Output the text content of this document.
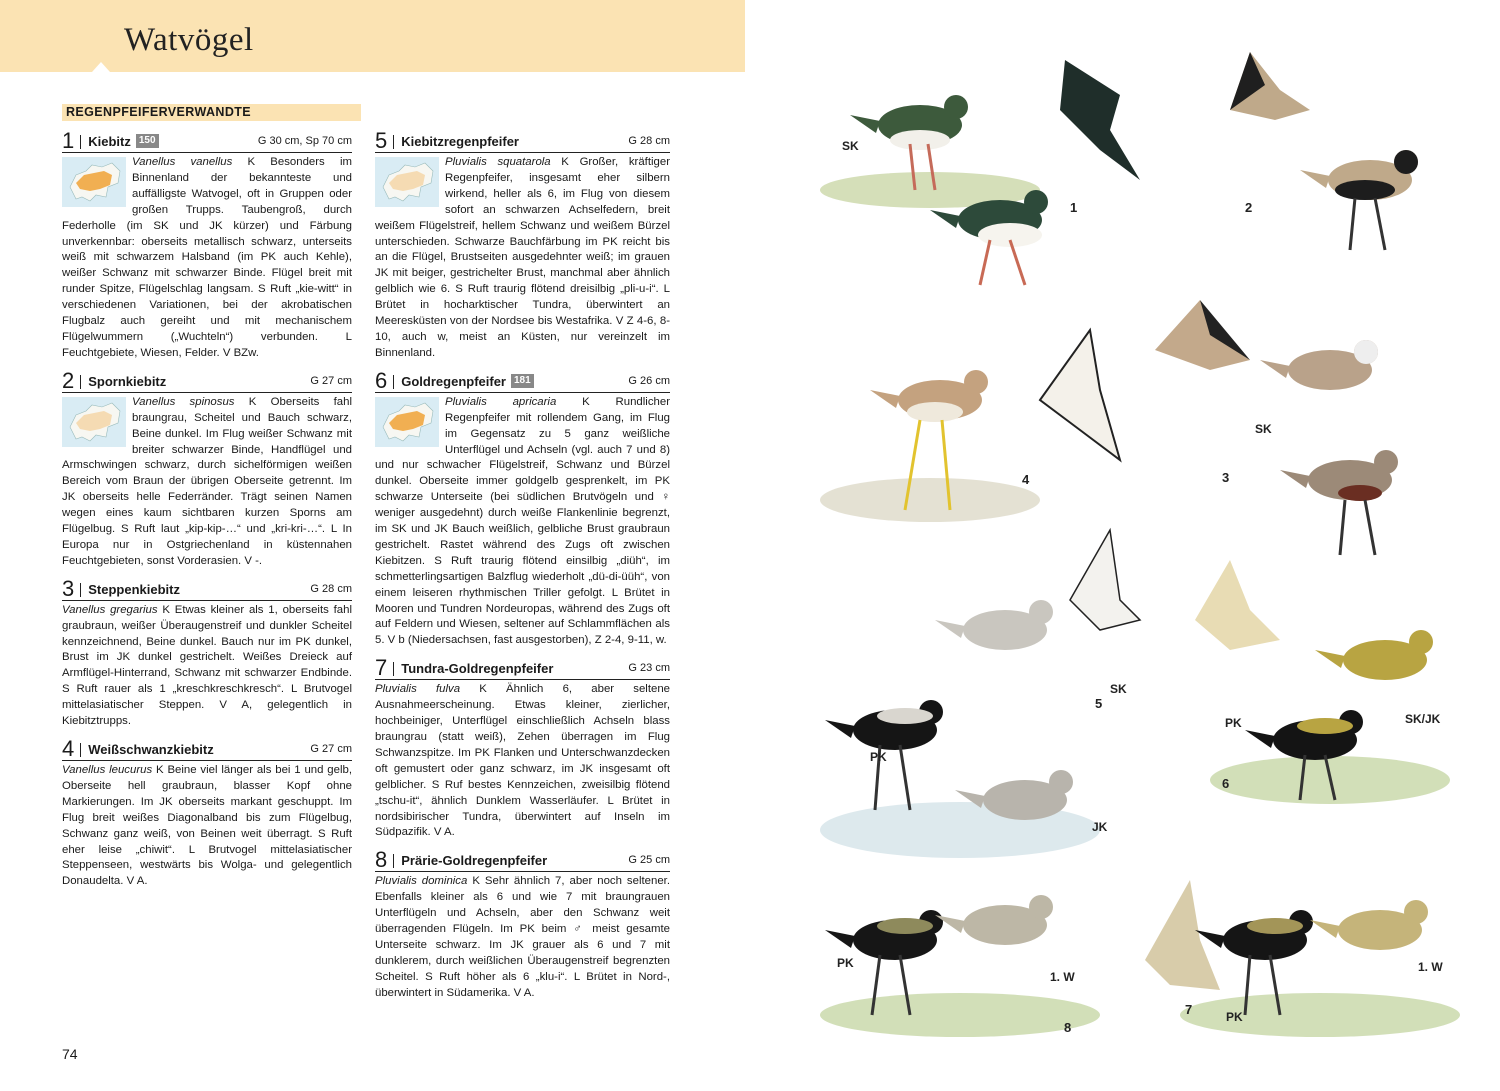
Watvögel
REGENPFEIFERVERWANDTE
1 Kiebitz 150	G 30 cm, Sp 70 cm
Vanellus vanellus K Besonders im Binnenland der bekannteste und auffälligste Watvogel, oft in Gruppen oder großen Trupps. Taubengroß, durch Federholle (im SK und JK kürzer) und Färbung unverkennbar: oberseits metallisch schwarz, unterseits weiß mit schwarzem Halsband (im PK auch Kehle), weißer Schwanz mit schwarzer Binde. Flügel breit mit runder Spitze, Flügelschlag langsam. S Ruft „kie-witt“ in verschiedenen Variationen, bei der akrobatischen Flugbalz auch gereiht und mit mechanischem Flügelwummern („Wuchteln“) verbunden. L Feuchtgebiete, Wiesen, Felder. V BZw.
2 Spornkiebitz	G 27 cm
Vanellus spinosus K Oberseits fahl braungrau, Scheitel und Bauch schwarz, Beine dunkel. Im Flug weißer Schwanz mit breiter schwarzer Binde, Handflügel und Armschwingen schwarz, durch sichelförmigen weißen Bereich vom Braun der übrigen Oberseite getrennt. Im JK oberseits helle Federränder. Trägt seinen Namen wegen eines kaum sichtbaren kurzen Sporns am Flügelbug. S Ruft laut „kip-kip-…“ und „kri-kri-…“. L In Europa nur in Ostgriechenland in küstennahen Feuchtgebieten, sonst Vorderasien. V -.
3 Steppenkiebitz	G 28 cm
Vanellus gregarius K Etwas kleiner als 1, oberseits fahl graubraun, weißer Überaugenstreif und dunkler Scheitel kennzeichnend, Beine dunkel. Bauch nur im PK dunkel, Brust im JK dunkel gestrichelt. Weißes Dreieck auf Armflügel-Hinterrand, Schwanz mit schwarzer Endbinde. S Ruft rauer als 1 „kreschkreschkresch“. L Brutvogel mittelasiatischer Steppen. V A, gelegentlich in Kiebitztrupps.
4 Weißschwanzkiebitz	G 27 cm
Vanellus leucurus K Beine viel länger als bei 1 und gelb, Oberseite hell graubraun, blasser Kopf ohne Markierungen. Im JK oberseits markant geschuppt. Im Flug breit weißes Diagonalband bis zum Flügelbug, Schwanz ganz weiß, von Beinen weit überragt. S Ruft eher leise „chiwit“. L Brutvogel mittelasiatischer Steppenseen, westwärts bis Wolga- und gelegentlich Donaudelta. V A.
5 Kiebitzregenpfeifer	G 28 cm
Pluvialis squatarola K Großer, kräftiger Regenpfeifer, insgesamt eher silbern wirkend, heller als 6, im Flug von diesem sofort an schwarzen Achselfedern, breit weißem Flügelstreif, hellem Schwanz und weißem Bürzel unterschieden. Schwarze Bauchfärbung im PK reicht bis an die Flügel, Brustseiten ausgedehnter weiß; im grauen JK mit beiger, gestrichelter Brust, manchmal aber ähnlich gelblich wie 6. S Ruft traurig flötend dreisilbig „pli-u-i“. L Brütet in hocharktischer Tundra, überwintert an Meeresküsten von der Nordsee bis Westafrika. V Z 4-6, 8-10, auch w, meist an Küsten, nur vereinzelt im Binnenland.
6 Goldregenpfeifer 181	G 26 cm
Pluvialis apricaria K Rundlicher Regenpfeifer mit rollendem Gang, im Flug im Gegensatz zu 5 ganz weißliche Unterflügel und Achseln (vgl. auch 7 und 8) und nur schwacher Flügelstreif, Schwanz und Bürzel dunkel. Oberseite immer goldgelb gesprenkelt, im PK schwarze Unterseite (bei südlichen Brutvögeln und ♀ weniger ausgedehnt) durch weiße Flankenlinie begrenzt, im SK und JK Bauch weißlich, gelbliche Brust graubraun gestrichelt. Rastet während des Zugs oft zwischen Kiebitzen. S Ruft traurig flötend einsilbig „diüh“, im schmetterlingsartigen Balzflug wiederholt „dü-di-üüh“, von einem leiseren rhythmischen Triller gefolgt. L Brütet in Mooren und Tundren Nordeuropas, während des Zugs oft auf Feldern und Wiesen, seltener auf Schlammflächen als 5. V b (Niedersachsen, fast ausgestorben), Z 2-4, 9-11, w.
7 Tundra-Goldregenpfeifer	G 23 cm
Pluvialis fulva K Ähnlich 6, aber seltene Ausnahmeerscheinung. Etwas kleiner, zierlicher, hochbeiniger, Unterflügel einschließlich Achseln blass braungrau (statt weiß), Zehen überragen im Flug Schwanzspitze. Im PK Flanken und Unterschwanzdecken oft gemustert oder ganz schwarz, im JK insgesamt oft gelblicher. S Ruf bestes Kennzeichen, zweisilbig flötend „tschu-it“, ähnlich Dunklem Wasserläufer. L Brütet in nordsibirischer Tundra, überwintert auf Inseln im Südpazifik. V A.
8 Prärie-Goldregenpfeifer	G 25 cm
Pluvialis dominica K Sehr ähnlich 7, aber noch seltener. Ebenfalls kleiner als 6 und wie 7 mit braungrauen Unterflügeln und Achseln, aber den Schwanz weit überragenden Flügeln. Im PK beim ♂ meist gesamte Unterseite schwarz. Im JK grauer als 6 und 7 mit dunklerem, durch weißlichen Überaugenstreif begrenzten Scheitel. S Ruft höher als 6 „klu-i“. L Brütet in Nord-, überwintert in Südamerika. V A.
74
SK
1	2
SK
3
4
SK
5
PK
JK
PK	SK/JK
6
PK
1. W
8
7	PK
1. W
